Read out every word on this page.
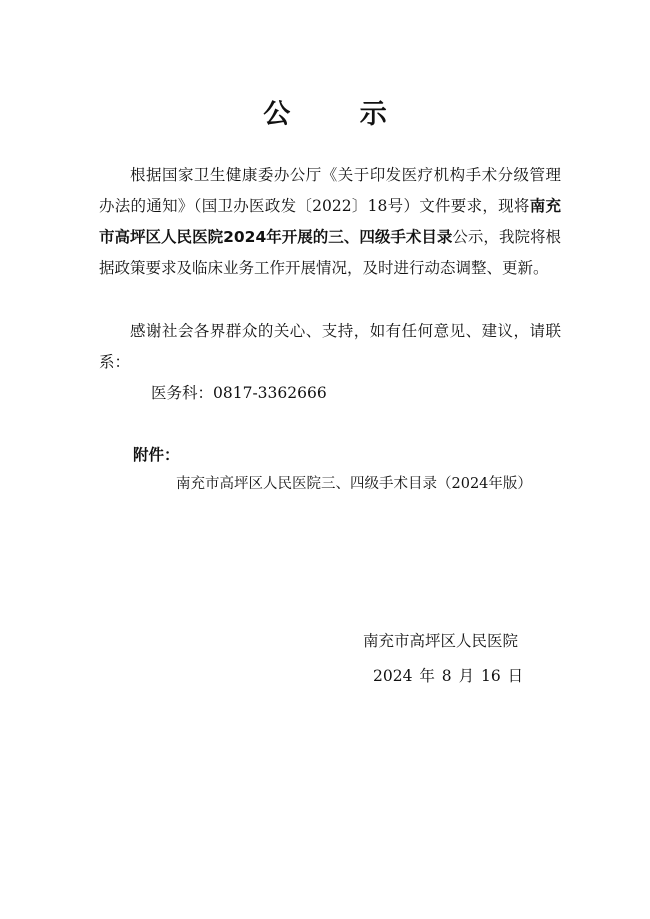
公 示
根据国家卫生健康委办公厅《关于印发医疗机构手术分级管理办法的通知》（国卫办医政发〔2022〕18号）文件要求，现将南充市高坪区人民医院2024年开展的三、四级手术目录公示，我院将根据政策要求及临床业务工作开展情况，及时进行动态调整、更新。
感谢社会各界群众的关心、支持，如有任何意见、建议，请联系：
医务科：0817-3362666
附件：
南充市高坪区人民医院三、四级手术目录（2024年版）
南充市高坪区人民医院
2024 年 8 月 16 日
